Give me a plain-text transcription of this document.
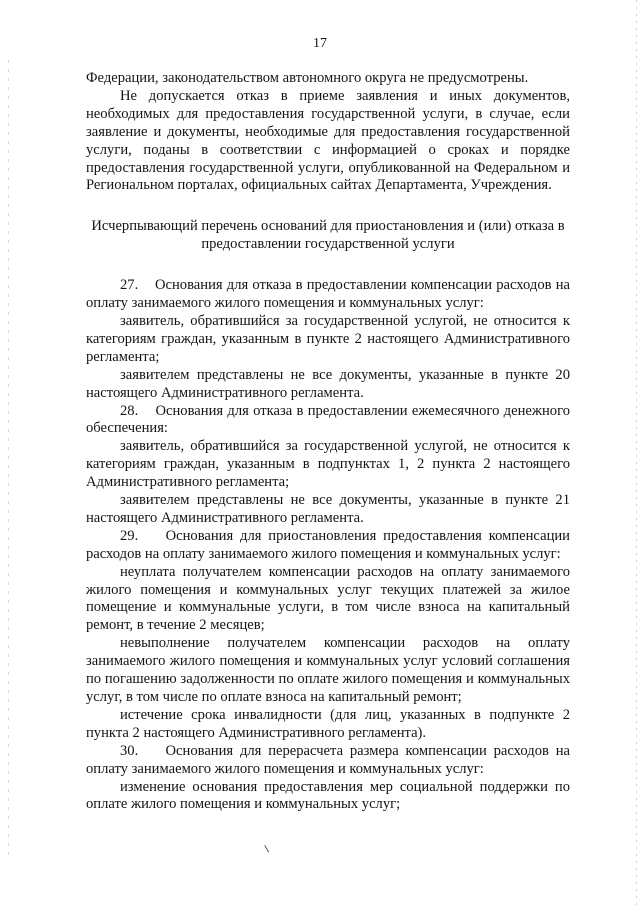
17

Федерации, законодательством автономного округа не предусмотрены.

Не допускается отказ в приеме заявления и иных документов, необходимых для предоставления государственной услуги, в случае, если заявление и документы, необходимые для предоставления государственной услуги, поданы в соответствии с информацией о сроках и порядке предоставления государственной услуги, опубликованной на Федеральном и Региональном порталах, официальных сайтах Департамента, Учреждения.

Исчерпывающий перечень оснований для приостановления и (или) отказа в предоставлении государственной услуги

27.    Основания для отказа в предоставлении компенсации расходов на оплату занимаемого жилого помещения и коммунальных услуг:

заявитель, обратившийся за государственной услугой, не относится к категориям граждан, указанным в пункте 2 настоящего Административного регламента;

заявителем представлены не все документы, указанные в пункте 20 настоящего Административного регламента.

28.    Основания для отказа в предоставлении ежемесячного денежного обеспечения:

заявитель, обратившийся за государственной услугой, не относится к категориям граждан, указанным в подпунктах 1, 2 пункта 2 настоящего Административного регламента;

заявителем представлены не все документы, указанные в пункте 21 настоящего Административного регламента.

29.    Основания для приостановления предоставления компенсации расходов на оплату занимаемого жилого помещения и коммунальных услуг:

неуплата получателем компенсации расходов на оплату занимаемого жилого помещения и коммунальных услуг текущих платежей за жилое помещение и коммунальные услуги, в том числе взноса на капитальный ремонт, в течение 2 месяцев;

невыполнение получателем компенсации расходов на оплату занимаемого жилого помещения и коммунальных услуг условий соглашения по погашению задолженности по оплате жилого помещения и коммунальных услуг, в том числе по оплате взноса на капитальный ремонт;

истечение срока инвалидности (для лиц, указанных в подпункте 2 пункта 2 настоящего Административного регламента).

30.    Основания для перерасчета размера компенсации расходов на оплату занимаемого жилого помещения и коммунальных услуг:

изменение основания предоставления мер социальной поддержки по оплате жилого помещения и коммунальных услуг;
